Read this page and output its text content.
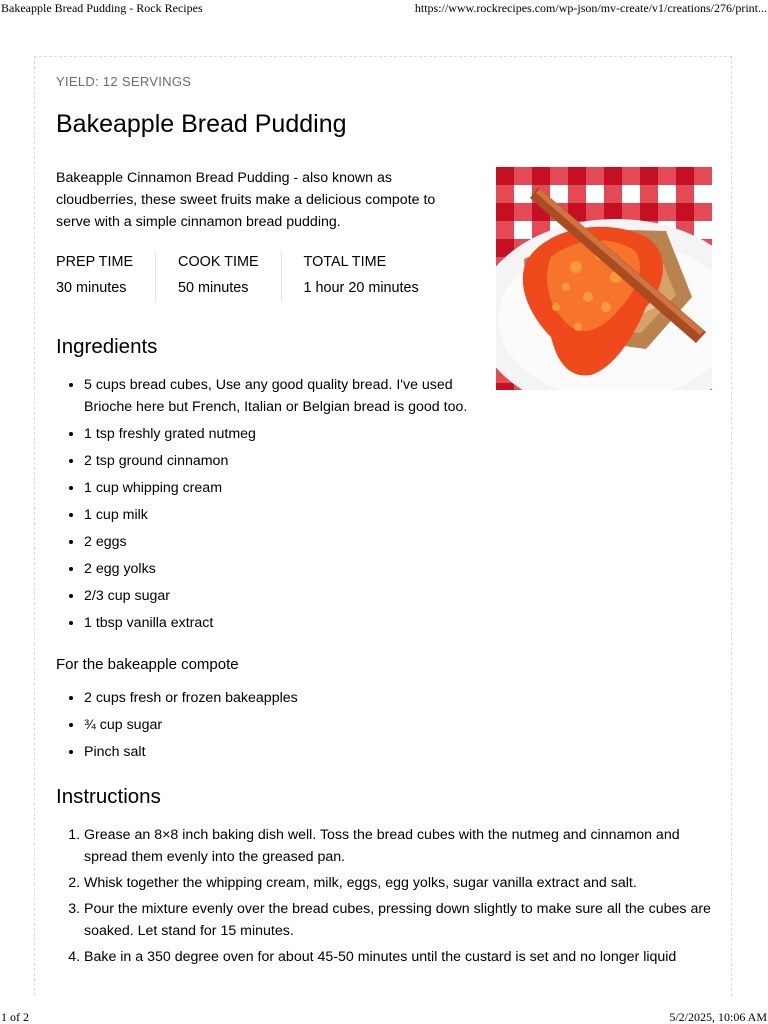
Bakeapple Bread Pudding - Rock Recipes	https://www.rockrecipes.com/wp-json/mv-create/v1/creations/276/print...
YIELD: 12 SERVINGS
Bakeapple Bread Pudding

Bakeapple Cinnamon Bread Pudding - also known as cloudberries, these sweet fruits make a delicious compote to serve with a simple cinnamon bread pudding.

PREP TIME
30 minutes
COOK TIME
50 minutes
TOTAL TIME
1 hour 20 minutes
Ingredients
• 5 cups bread cubes, Use any good quality bread. I've used Brioche here but French, Italian or Belgian bread is good too.
• 1 tsp freshly grated nutmeg
• 2 tsp ground cinnamon
• 1 cup whipping cream
• 1 cup milk
• 2 eggs
• 2 egg yolks
• 2/3 cup sugar
• 1 tbsp vanilla extract
For the bakeapple compote
• 2 cups fresh or frozen bakeapples
• ¾ cup sugar
• Pinch salt
Instructions
1. Grease an 8×8 inch baking dish well. Toss the bread cubes with the nutmeg and cinnamon and spread them evenly into the greased pan.
2. Whisk together the whipping cream, milk, eggs, egg yolks, sugar vanilla extract and salt.
3. Pour the mixture evenly over the bread cubes, pressing down slightly to make sure all the cubes are soaked. Let stand for 15 minutes.
4. Bake in a 350 degree oven for about 45-50 minutes until the custard is set and no longer liquid
1 of 2	5/2/2025, 10:06 AM
